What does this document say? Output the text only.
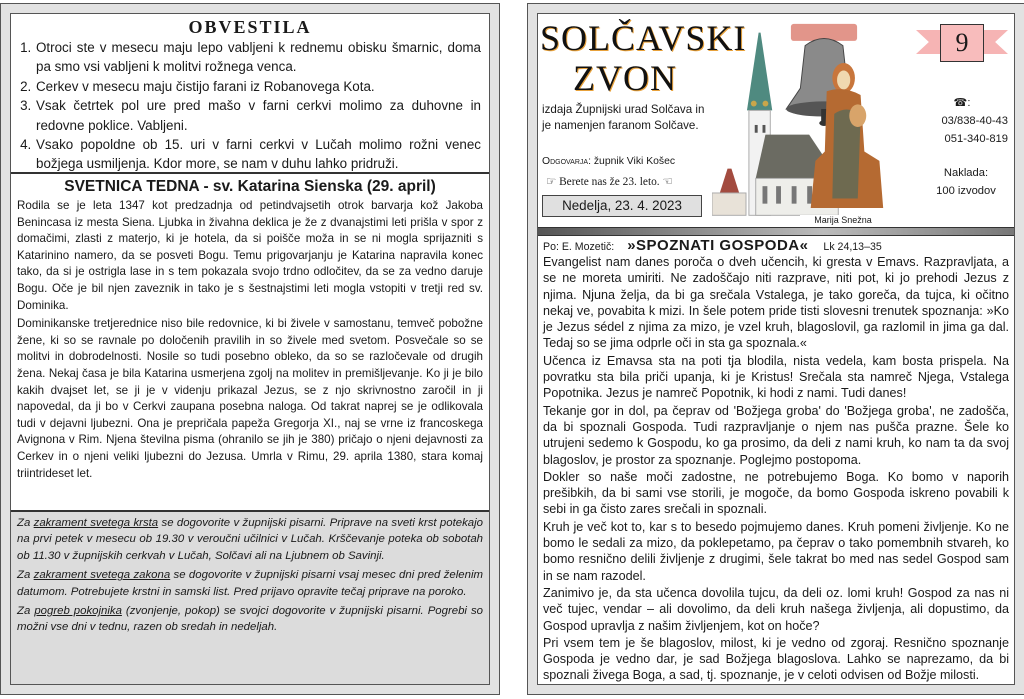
OBVESTILA
1. Otroci ste v mesecu maju lepo vabljeni k rednemu obisku šmarnic, doma pa smo vsi vabljeni k molitvi rožnega venca.
2. Cerkev v mesecu maju čistijo farani iz Robanovega Kota.
3. Vsak četrtek pol ure pred mašo v farni cerkvi molimo za duhovne in redovne poklice. Vabljeni.
4. Vsako popoldne ob 15. uri v farni cerkvi v Lučah molimo rožni venec božjega usmiljenja. Kdor more, se nam v duhu lahko pridruži.
SVETNICA TEDNA - sv. Katarina Sienska (29. april)

Rodila se je leta 1347 kot predzadnja od petindvajsetih otrok barvarja kož Jakoba Benincasa iz mesta Siena. Ljubka in živahna deklica je že z dvanajstimi leti prišla v spor z domačimi, zlasti z materjo, ki je hotela, da si poišče moža in se ni mogla sprijazniti s Katarinino namero, da se posveti Bogu. Temu prigovarjanju je Katarina napravila konec tako, da si je ostrigla lase in s tem pokazala svojo trdno odločitev, da se za vedno daruje Bogu. Oče je bil njen zaveznik in tako je s šestnajstimi leti mogla vstopiti v tretji red sv. Dominika.

Dominikanske tretjerednice niso bile redovnice, ki bi živele v samostanu, temveč pobožne žene, ki so se ravnale po določenih pravilih in so živele med svetom. Posvečale so se molitvi in dobrodelnosti. Nosile so tudi posebno obleko, da so se razločevale od drugih žena. Nekaj časa je bila Katarina usmerjena zgolj na molitev in premišljevanje. Ko ji je bilo kakih dvajset let, se ji je v videnju prikazal Jezus, se z njo skrivnostno zaročil in ji napovedal, da ji bo v Cerkvi zaupana posebna naloga. Od takrat naprej se je odlikovala tudi v dejavni ljubezni. Ona je prepričala papeža Gregorja XI., naj se vrne iz francoskega Avignona v Rim. Njena številna pisma (ohranilo se jih je 380) pričajo o njeni dejavnosti za Cerkev in o njeni veliki ljubezni do Jezusa. Umrla v Rimu, 29. aprila 1380, stara komaj triintrideset let.

Za zakrament svetega krsta se dogovorite v župnijski pisarni. Priprave na sveti krst potekajo na prvi petek v mesecu ob 19.30 v veroučni učilnici v Lučah. Krščevanje poteka ob sobotah ob 11.30 v župnijskih cerkvah v Lučah, Solčavi ali na Ljubnem ob Savinji.

Za zakrament svetega zakona se dogovorite v župnijski pisarni vsaj mesec dni pred želenim datumom. Potrebujete krstni in samski list. Pred prijavo opravite tečaj priprave na poroko.

Za pogreb pokojnika (zvonjenje, pokop) se svojci dogovorite v župnijski pisarni. Pogrebi so možni vse dni v tednu, razen ob sredah in nedeljah.

SOLČAVSKI
ZVON
izdaja Župnijski urad Solčava in je namenjen faranom Solčave.
Odgovarja: župnik Viki Košec
☞ Berete nas že 23. leto. ☜
Nedelja, 23. 4. 2023
Marija Snežna
9
☎:
03/838-40-43
051-340-819
Naklada:
100 izvodov
Po: E. Mozetič: »SPOZNATI GOSPODA« Lk 24,13–35

Evangelist nam danes poroča o dveh učencih, ki gresta v Emavs. Razpravljata, a se ne moreta umiriti. Ne zadoščajo niti razprave, niti pot, ki jo prehodi Jezus z njima. Njuna želja, da bi ga srečala Vstalega, je tako goreča, da tujca, ki očitno nekaj ve, povabita k mizi. In šele potem pride tisti slovesni trenutek spoznanja: »Ko je Jezus sédel z njima za mizo, je vzel kruh, blagoslovil, ga razlomil in jima ga dal. Tedaj so se jima odprle oči in sta ga spoznala.«

Učenca iz Emavsa sta na poti tja blodila, nista vedela, kam bosta prispela. Na povratku sta bila priči upanja, ki je Kristus! Srečala sta namreč Njega, Vstalega Popotnika. Jezus je namreč Popotnik, ki hodi z nami. Tudi danes!

Tekanje gor in dol, pa čeprav od 'Božjega groba' do 'Božjega groba', ne zadošča, da bi spoznali Gospoda. Tudi razpravljanje o njem nas pušča prazne. Šele ko utrujeni sedemo k Gospodu, ko ga prosimo, da deli z nami kruh, ko nam ta da svoj blagoslov, je prostor za spoznanje. Poglejmo postopoma.

Dokler so naše moči zadostne, ne potrebujemo Boga. Ko bomo v naporih prešibkih, da bi sami vse storili, je mogoče, da bomo Gospoda iskreno povabili k sebi in ga čisto zares srečali in spoznali.

Kruh je več kot to, kar s to besedo pojmujemo danes. Kruh pomeni življenje. Ko ne bomo le sedali za mizo, da poklepetamo, pa čeprav o tako pomembnih stvareh, ko bomo resnično delili življenje z drugimi, šele takrat bo med nas sedel Gospod sam in se nam razodel.

Zanimivo je, da sta učenca dovolila tujcu, da deli oz. lomi kruh! Gospod za nas ni več tujec, vendar – ali dovolimo, da deli kruh našega življenja, ali dopustimo, da Gospod upravlja z našim življenjem, kot on hoče?

Pri vsem tem je še blagoslov, milost, ki je vedno od zgoraj. Resnično spoznanje Gospoda je vedno dar, je sad Božjega blagoslova. Lahko se naprezamo, da bi spoznali živega Boga, a sad, tj. spoznanje, je v celoti odvisen od Božje milosti.
